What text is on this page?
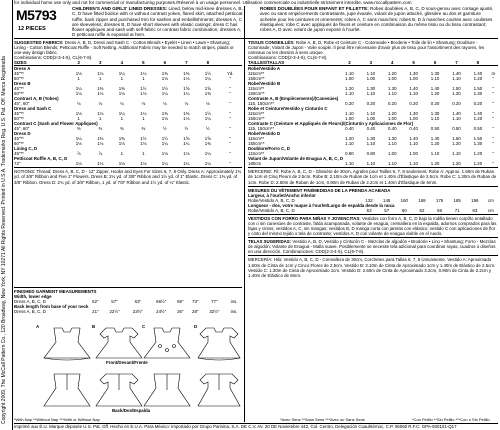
Copyright 2009, The McCall Pattern Co., 120 Broadway, New York, NY 10271 All Rights Reserved. Printed in U.S.A. Trademarks Reg. U.S. Pat. Off. Marca Registrada
for individual home use only and not for commercial or manufacturing purposes./Réservé à un usage personnel. Utilisation commerciale ou industrielle strictement interdite. www.mccallpattern.com
M5793
12 PIECES
CHILDREN'S AND GIRLS' LINED DRESSES: Lined, below mid-knee dresses A, B, C, D have fitted bodice with or without contrast yokes, flared skirt, attached petticoat ruffle, back zipper and purchased trim for sashes and embellishments; dresses A, C are sleeveless; dresses B, D have short sleeves with elastic casings; dress C has flower appliques and sash with self-fabric or contrast fabric combination; dresses A, D petticoat ruffle is exposed at hem.
ROBES DOUBLÉES POUR ENFANT ET FILLETTE: Robes doublées A, B, C, D sous-genou avec corsage ajusté, avec ou sans empiècements contrastants, jupe évasée, volant de jupon attaché, glissière au dos et garniture achetée pour les ceintures et ornements; robes A, C sans manches; robes B, D à manches courtes avec coulisses élastiquées; robe C avec appliqués de fleurs et ceinture en combinaison du même tissu ou du tissu contrastant; robes A, D avec volant de jupon exposé à l'ourlet.
SUGGESTED FABRICS: Dress A, B, D, Dress and Sash C - Cotton Blends • Eyelet • Linen • Lawn • Shantung; Lining - Cotton Blends; Petticoat Ruffle - Soft Netting. Additional Fabric may be needed to match stripes, plaids or one-way design fabric.
Combinations: CDD(2-3-4-5), CL(6-7-8).
SIZES	2	3	4	5	6	7	8	
Dress A								
45"**	1⅛	1⅛	1¼	1¼	1⅜	1⅜	1½	Yd.
60"**	1	1	1	1	1⅛	1⅛	1¼	"
Dress B								
45"**	1¼	1⅜	1⅜	1½	1½	1⅝	1⅝	"
60"**	1⅛	1⅛	1⅛	1⅛	1¼	1¼	1⅜	"
Contrast A, B (Yokes)								
45", 60"	⅛	⅛	⅛	⅛	⅛	⅛	⅛	"
Dress and Sash C								
45"**	1⅛	1⅛	1¼	1¼	1⅜	1⅜	1½	"
60"**	1	1	1	1	1⅛	1⅛	1¼	"
Contrast C (Sash and Flower Appliques)								
45", 60"	⅜	⅜	⅜	⅜	½	½	½	"
Dress D								
45"**	1¼	1⅜	1⅜	1½	1½	1⅝	1⅝	"
60"**	1⅛	1⅛	1⅛	1⅛	1¼	1¼	1⅜	"
Lining C, D								
45"**	⅞	⅞	1	1	1⅛	1⅛	1¼	"
Petticoat Ruffle A, B, C, D								
72"	1⅛	1⅛	1⅛	1⅛	1¼	1¼	1¼	"
NOTIONS: Thread; Dress A, B, C, D - 12" Zipper, Hooks and Eyes For Sizes 6, 7, 8 Only. Dress A: Approximately 1¾ yd. of 3/8" Ribbon and Five 1" Flowers. Dress B: 2¼ yd. of 3/8" Ribbon and 1½ yd. of 1" Elastic. Dress C: 1⅜ yd. of 3/8" Ribbon. Dress D: 2¾ yd. of 3/8" Ribbon, 1 yd. of 7/8" Ribbon and 1½ yd. of ¼" Elastic.
FINISHED GARMENT MEASUREMENTS
Width, lower edge								
Dress A, B, C, D	52"	57"	63"	66½"	69"	73"	77"	ins.
Back length from base of your neck								
Dress A, B, C, D	21"	22½"	23½"	24½"	26"	28"	32½"	ins.
Front/Devant/Frente
Back/Dos/Espalda
A	B	C	D
*With Nap **Without Nap ***With or Without Nap	*Avec Sens **Sans Sens ***Avec ou Sans Sens	*Con Pelillo **Sin Pelillo ***Con o Sin Pelillo
TISSUS CONSEILLÉS: Robe A, B, D, Robe et Ceinture C - Cotonnade • Broderie • Toile de lin • Shantung; Doublure - Cotonnade; Volant de Jupon - Voile souple. Il peut être nécessaire d'avoir plus de tissu pour l'assortiment des rayures, les carreaux ou les dessins à sens unique.
Combinaisons: CDD(2-3-4-5), CL(6-7-8).
TAILLES/TALLAS	2	3	4	5	6	7	8	
Robe/Vestido A								
115cm**	1.10	1.10	1.20	1.30	1.30	1.40	1.40	m
150cm**	1.00	1.00	1.00	1.00	1.10	1.10	1.20	"
Robe/Vestido B								
115cm**	1.20	1.30	1.30	1.40	1.40	1.50	1.50	"
150cm**	1.10	1.10	1.10	1.10	1.20	1.20	1.30	"
Contraste A, B (Empiècements)/(Canesúes)								
115, 150cm**	0.20	0.20	0.20	0.20	0.20	0.20	0.20	"
Robe et Ceinture/Vestido y Cinturón C								
115cm**	1.10	1.10	1.20	1.30	1.30	1.40	1.40	"
150cm**	1.00	1.00	1.00	1.00	1.10	1.10	1.20	"
Contraste C (Ceinture et Appliqués de Fleurs)/(Cinturón y Aplicaciones de Flor)								
115, 150cm**	0.40	0.40	0.40	0.40	0.50	0.50	0.50	"
Robe/Vestido D								
115cm**	1.20	1.30	1.30	1.40	1.40	1.50	1.50	"
150cm**	1.10	1.10	1.10	1.10	1.20	1.20	1.30	"
Doublure/Forro C, D								
115cm**	0.80	0.80	1.00	1.00	1.10	1.10	1.20	"
Volant de Jupon/Volante de Enagua A, B, C, D								
180cm	1.10	1.10	1.10	1.10	1.20	1.20	1.20	"
MERCERIE: Fil; Robe A, B, C, D - Glissière de 30cm, Agrafes pour Tailles 6, 7, 8 seulement. Robe A: Approx. 1.60m de Ruban de 1cm et Cinq Fleurs de 2.5cm. Robe B: 2.10m de Ruban de 1cm et 1.40m d'Élastique de 2.5cm. Robe C: 1.30m de Ruban de 1cm. Robe D: 2.60m de Ruban de 1cm, 0.90m de Ruban de 2.2cm et 1.40m d'Élastique de 6mm.
MESURES DU VÊTEMENT FINI/MEDIDAS DE LA PRENDA ACABADA
Largeur, à l'ourlet/Ancho inferior								
Robe/Vestido A, B, C, D	132	145	160	169	175	185	196	cm
Longueur - dos, votre nuque à l'ourlet/Largo de espalda desde la nuca								
Robe/Vestido A, B, C, D	53	57	60	62	66	71	83	cm
VESTIDOS CON FORRO PARA NIÑAS Y JOVENCITAS: Vestidos con forro A, B, C, D bajo la rodilla tienen corpiño entallado con o sin canesúes de contraste, falda acampanada, volante de enagua, cremallera en la espalda, adornos comprados para las fajas y cintos; vestidos A, C, sin mangas; vestidos B, D manga corta con jaretas con elástico; vestido C con aplicaciones de flor y cinto del mismo tejido o tela de contraste; vestidos A, D con volante de enagua visible en el ruedo.
TELAS SUGERIDAS: Vestido A, B, D, Vestido y Cinturón C - Mezclas de algodón • Brodorie • Lino • Shantung; Forro - Mezclas de algodón; Volante de Enagua - Malla suave. Posiblemente se necesite tela adicional para coordinar rayas, cuadros o diseños en una dirección. Combinaciones: CDD(2-3-4-5), CL(6-7-8).
MERCERÍA: Hilo; Vestido A, B, C, D - Cremallera de 30cm, Corchetes para Tallas 6, 7, 8 Únicamente. Vestido A: Aproximado 1.60m de Cinta de 1cm y Cinco Flores de 2.5cm. Vestido B: 2.10m de Cinta de Aproximado 1cm y 1.40m de Elástico de 2.5cm. Vestido C: 1.30m de Cinta de Aproximado 1cm. Vestido D: 2.60m de Cinta de Aproximado 3.2cm, 0.90m de Cinta de 2.2cm y 1.40m de Elástico de 6mm.
Imprimé aux É.U. Marque déposée U.S. Pat. Off. Hecho en E.U.A. Para México: Importado por Grupo Parisina, S.A. DE C.V. AV. 20 DE Noviembre 442, Col. Centro, Delegación Cuauhtémoc, C.P. 06060 R.F.C. GPA-930101-Q17
